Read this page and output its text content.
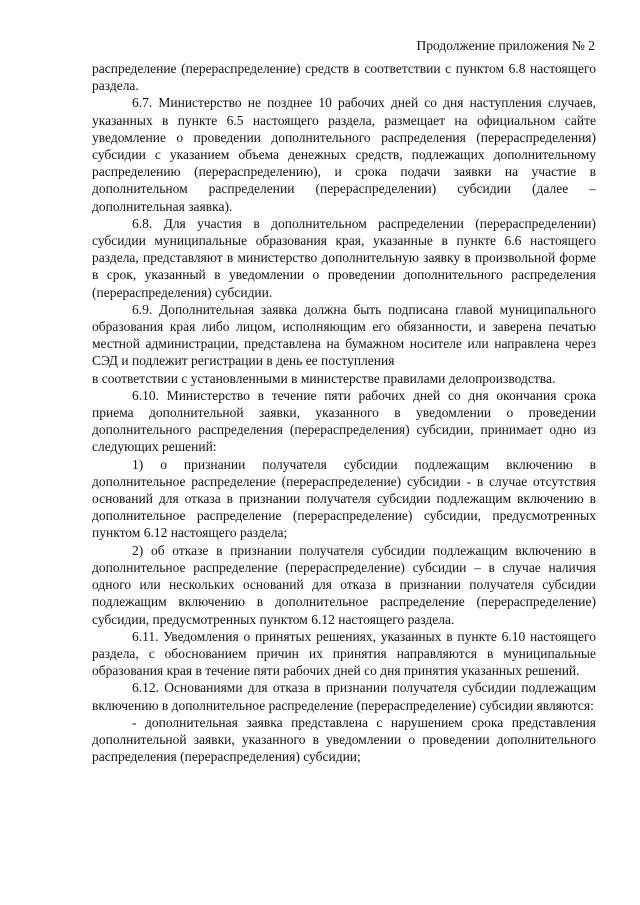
Продолжение приложения № 2

распределение (перераспределение) средств в соответствии с пунктом 6.8 настоящего раздела.

6.7. Министерство не позднее 10 рабочих дней со дня наступления случаев, указанных в пункте 6.5 настоящего раздела, размещает на официальном сайте уведомление о проведении дополнительного распределения (перераспределения) субсидии с указанием объема денежных средств, подлежащих дополнительному распределению (перераспределению), и срока подачи заявки на участие в дополнительном распределении (перераспределении) субсидии (далее – дополнительная заявка).

6.8. Для участия в дополнительном распределении (перераспределении) субсидии муниципальные образования края, указанные в пункте 6.6 настоящего раздела, представляют в министерство дополнительную заявку в произвольной форме в срок, указанный в уведомлении о проведении дополнительного распределения (перераспределения) субсидии.

6.9. Дополнительная заявка должна быть подписана главой муниципального образования края либо лицом, исполняющим его обязанности, и заверена печатью местной администрации, представлена на бумажном носителе или направлена через СЭД и подлежит регистрации в день ее поступления

в соответствии с установленными в министерстве правилами делопроизводства.

6.10. Министерство в течение пяти рабочих дней со дня окончания срока приема дополнительной заявки, указанного в уведомлении о проведении дополнительного распределения (перераспределения) субсидии, принимает одно из следующих решений:

1) о признании получателя субсидии подлежащим включению в дополнительное распределение (перераспределение) субсидии - в случае отсутствия оснований для отказа в признании получателя субсидии подлежащим включению в дополнительное распределение (перераспределение) субсидии, предусмотренных пунктом 6.12 настоящего раздела;

2) об отказе в признании получателя субсидии подлежащим включению в дополнительное распределение (перераспределение) субсидии – в случае наличия одного или нескольких оснований для отказа в признании получателя субсидии подлежащим включению в дополнительное распределение (перераспределение) субсидии, предусмотренных пунктом 6.12 настоящего раздела.

6.11. Уведомления о принятых решениях, указанных в пункте 6.10 настоящего раздела, с обоснованием причин их принятия направляются в муниципальные образования края в течение пяти рабочих дней со дня принятия указанных решений.

6.12. Основаниями для отказа в признании получателя субсидии подлежащим включению в дополнительное распределение (перераспределение) субсидии являются:

- дополнительная заявка представлена с нарушением срока представления дополнительной заявки, указанного в уведомлении о проведении дополнительного распределения (перераспределения) субсидии;
